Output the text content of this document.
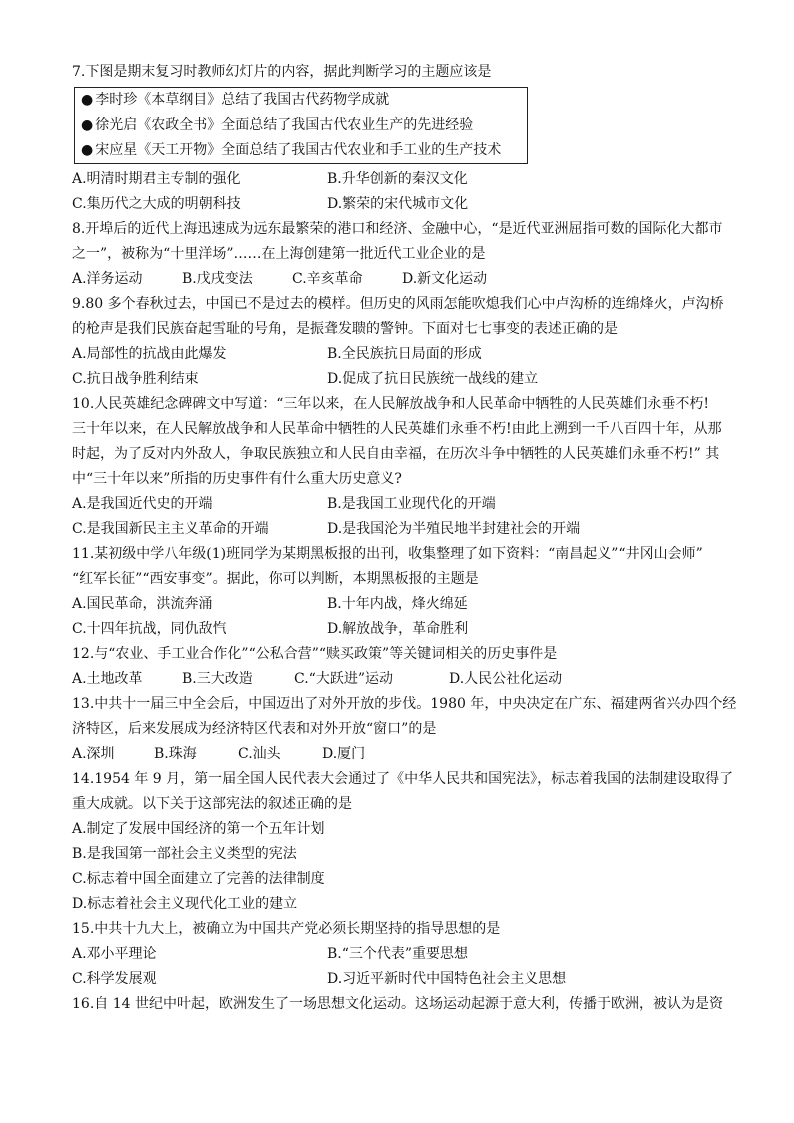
7.下图是期末复习时教师幻灯片的内容，据此判断学习的主题应该是
● 李时珍《本草纲目》总结了我国古代药物学成就
● 徐光启《农政全书》全面总结了我国古代农业生产的先进经验
● 宋应星《天工开物》全面总结了我国古代农业和手工业的生产技术
A.明清时期君主专制的强化	B.升华创新的秦汉文化
C.集历代之大成的明朝科技	D.繁荣的宋代城市文化
8.开埠后的近代上海迅速成为远东最繁荣的港口和经济、金融中心，“是近代亚洲屈指可数的国际化大都市
之一”，被称为“十里洋场”……在上海创建第一批近代工业企业的是
A.洋务运动	B.戊戌变法	C.辛亥革命	D.新文化运动
9.80 多个春秋过去，中国已不是过去的模样。但历史的风雨怎能吹熄我们心中卢沟桥的连绵烽火，卢沟桥
的枪声是我们民族奋起雪耻的号角，是振聋发聩的警钟。下面对七七事变的表述正确的是
A.局部性的抗战由此爆发	B.全民族抗日局面的形成
C.抗日战争胜利结束	D.促成了抗日民族统一战线的建立
10.人民英雄纪念碑碑文中写道：“三年以来，在人民解放战争和人民革命中牺牲的人民英雄们永垂不朽!
三十年以来，在人民解放战争和人民革命中牺牲的人民英雄们永垂不朽!由此上溯到一千八百四十年，从那
时起，为了反对内外敌人，争取民族独立和人民自由幸福，在历次斗争中牺牲的人民英雄们永垂不朽!” 其
中“三十年以来”所指的历史事件有什么重大历史意义?
A.是我国近代史的开端	B.是我国工业现代化的开端
C.是我国新民主主义革命的开端	D.是我国沦为半殖民地半封建社会的开端
11.某初级中学八年级(1)班同学为某期黑板报的出刊，收集整理了如下资料：“南昌起义”“井冈山会师”
“红军长征”“西安事变”。据此，你可以判断，本期黑板报的主题是
A.国民革命，洪流奔涌	B.十年内战，烽火绵延
C.十四年抗战，同仇敌忾	D.解放战争，革命胜利
12.与“农业、手工业合作化”“公私合营”“赎买政策”等关键词相关的历史事件是
A.土地改革	B.三大改造	C.“大跃进”运动	D.人民公社化运动
13.中共十一届三中全会后，中国迈出了对外开放的步伐。1980 年，中央决定在广东、福建两省兴办四个经
济特区，后来发展成为经济特区代表和对外开放“窗口”的是
A.深圳	B.珠海	C.汕头	D.厦门
14.1954 年 9 月，第一届全国人民代表大会通过了《中华人民共和国宪法》，标志着我国的法制建设取得了
重大成就。以下关于这部宪法的叙述正确的是
A.制定了发展中国经济的第一个五年计划
B.是我国第一部社会主义类型的宪法
C.标志着中国全面建立了完善的法律制度
D.标志着社会主义现代化工业的建立
15.中共十九大上，被确立为中国共产党必须长期坚持的指导思想的是
A.邓小平理论	B.“三个代表”重要思想
C.科学发展观	D.习近平新时代中国特色社会主义思想
16.自 14 世纪中叶起，欧洲发生了一场思想文化运动。这场运动起源于意大利，传播于欧洲，被认为是资
